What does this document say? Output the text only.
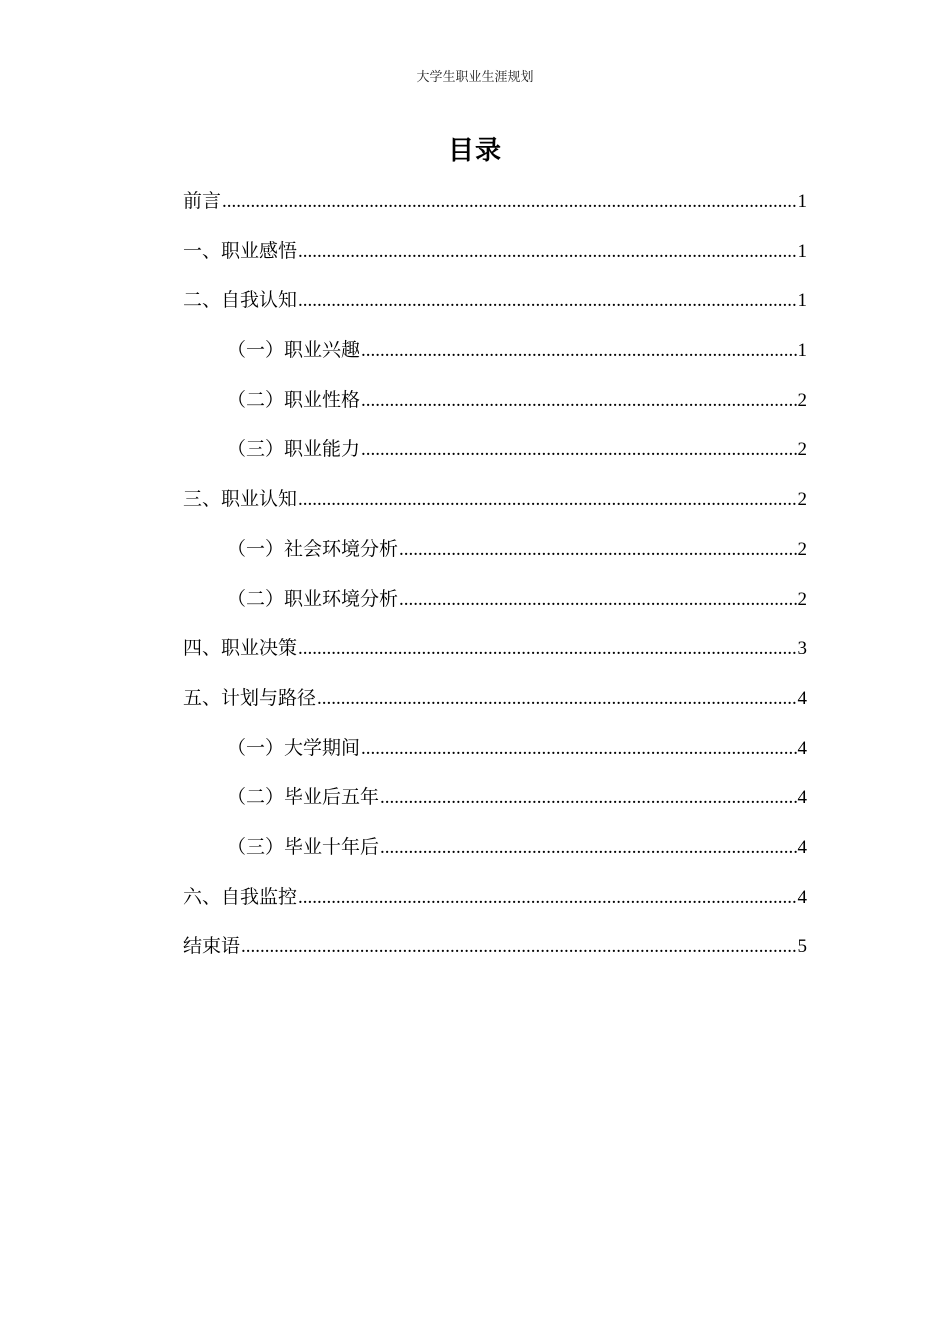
大学生职业生涯规划
目录
前言 .....	1
一、职业感悟 .....	1
二、自我认知 .....	1
（一）职业兴趣 .....	1
（二）职业性格 .....	2
（三）职业能力 .....	2
三、职业认知 .....	2
（一）社会环境分析 .....	2
（二）职业环境分析 .....	2
四、职业决策 .....	3
五、计划与路径 .....	4
（一）大学期间 .....	4
（二）毕业后五年 .....	4
（三）毕业十年后 .....	4
六、自我监控 .....	4
结束语 .....	5
